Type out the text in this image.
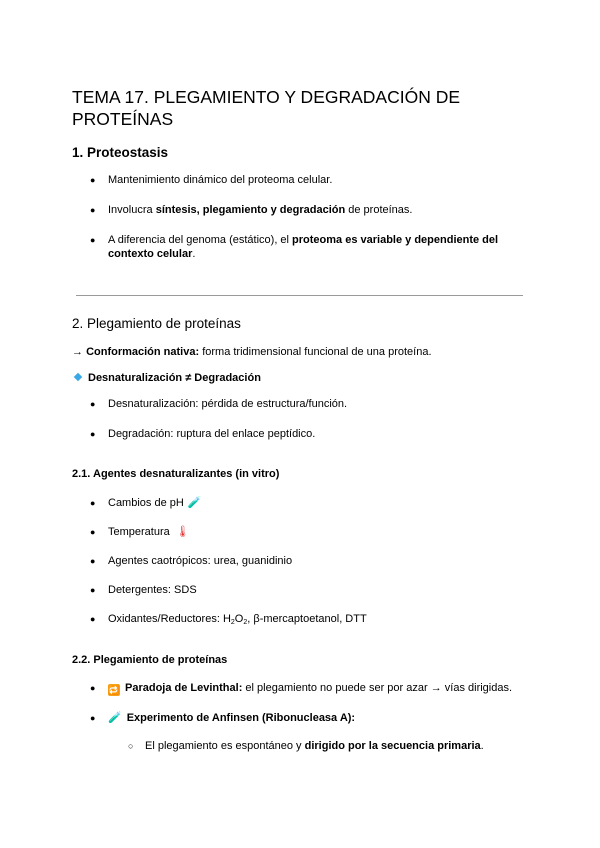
TEMA 17. PLEGAMIENTO Y DEGRADACIÓN DE PROTEÍNAS
1. Proteostasis
● Mantenimiento dinámico del proteoma celular.
● Involucra síntesis, plegamiento y degradación de proteínas.
● A diferencia del genoma (estático), el proteoma es variable y dependiente del contexto celular.
2. Plegamiento de proteínas
→ Conformación nativa: forma tridimensional funcional de una proteína.
Desnaturalización ≠ Degradación
● Desnaturalización: pérdida de estructura/función.
● Degradación: ruptura del enlace peptídico.
2.1. Agentes desnaturalizantes (in vitro)
● Cambios de pH 🧪
● Temperatura 🌡
● Agentes caotrópicos: urea, guanidinio
● Detergentes: SDS
● Oxidantes/Reductores: $H_2O_2$, β-mercaptoetanol, DTT
2.2. Plegamiento de proteínas
● 🔁 Paradoja de Levinthal: el plegamiento no puede ser por azar → vías dirigidas.
● 🧪 Experimento de Anfinsen (Ribonucleasa A):
○ El plegamiento es espontáneo y dirigido por la secuencia primaria.
